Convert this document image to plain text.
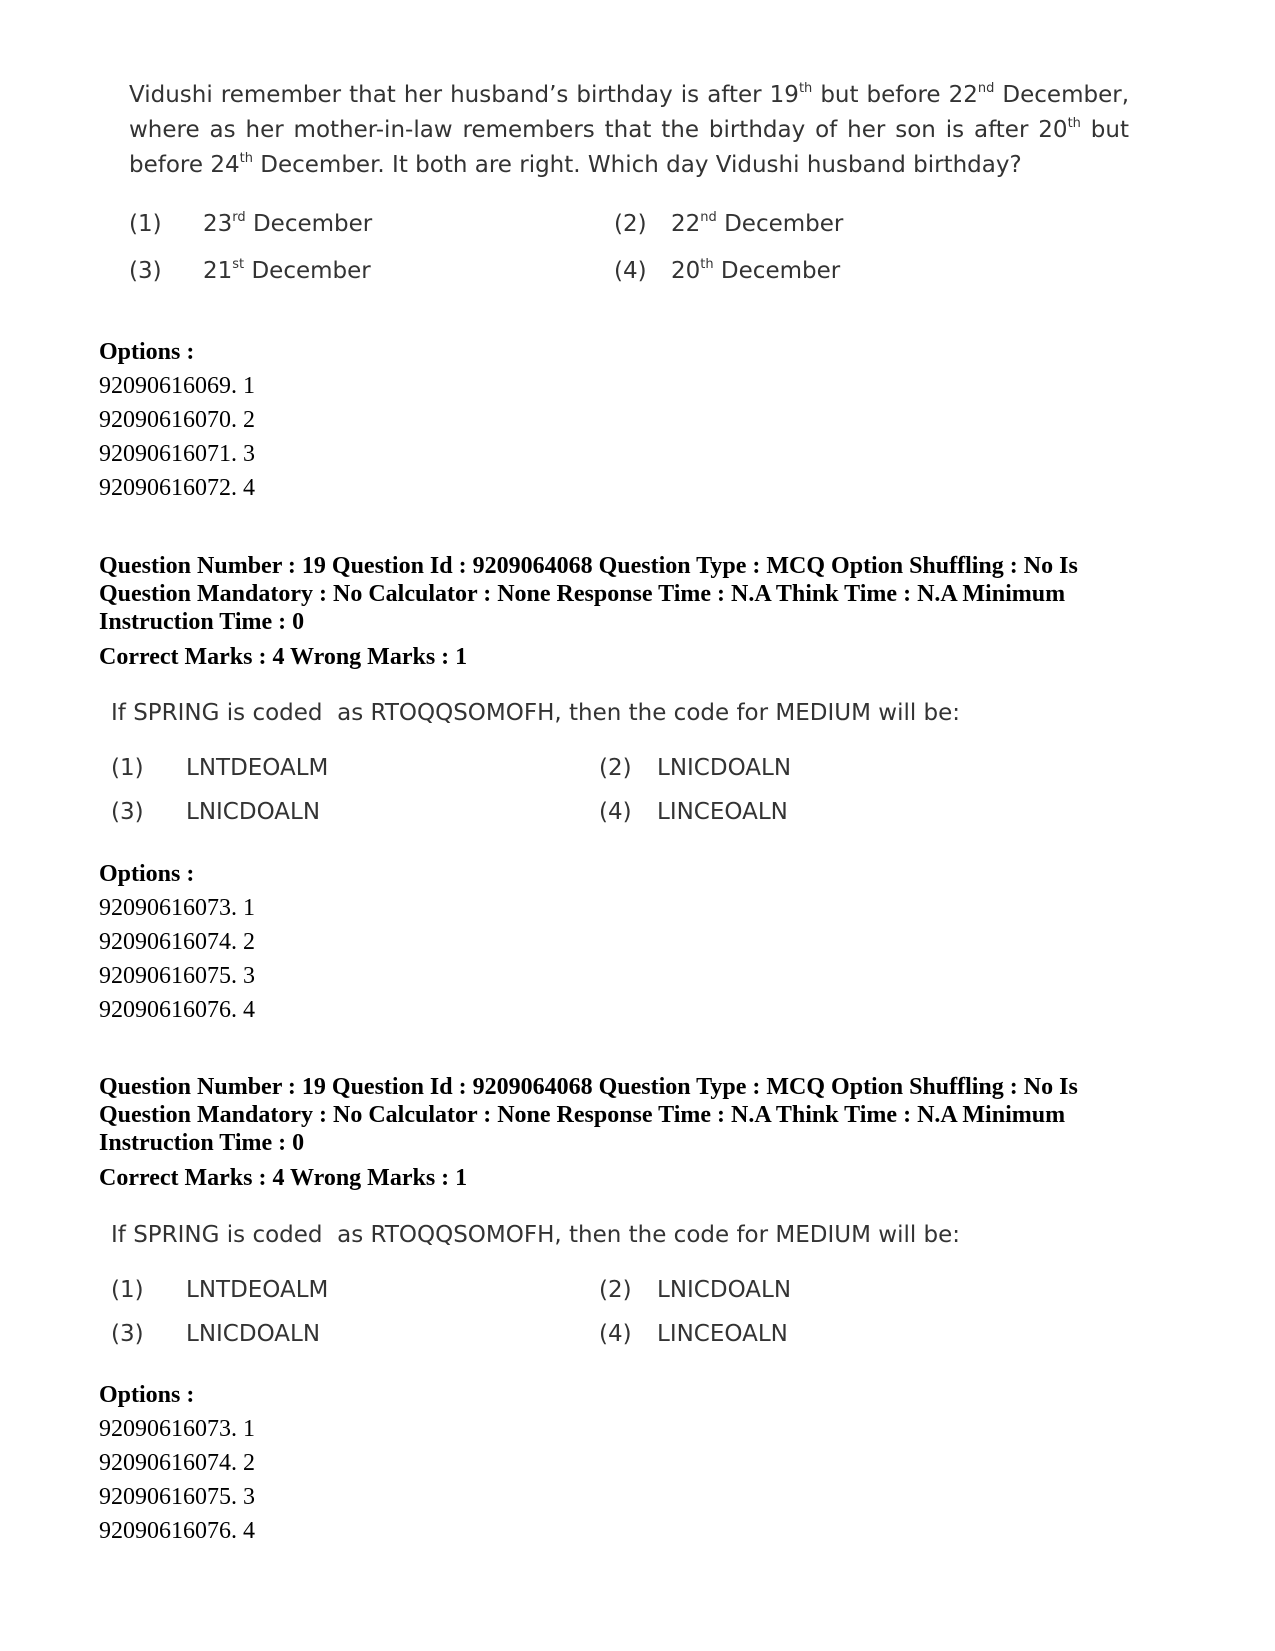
Vidushi remember that her husband’s birthday is after 19th but before 22nd December,
where as her mother-in-law remembers that the birthday of her son is after 20th but
before 24th December. It both are right. Which day Vidushi husband birthday?
(1) 23rd December	(2) 22nd December
(3) 21st December	(4) 20th December
Options :
92090616069. 1
92090616070. 2
92090616071. 3
92090616072. 4
Question Number : 19 Question Id : 9209064068 Question Type : MCQ Option Shuffling : No Is
Question Mandatory : No Calculator : None Response Time : N.A Think Time : N.A Minimum
Instruction Time : 0
Correct Marks : 4 Wrong Marks : 1
If SPRING is coded  as RTOQQSOMOFH, then the code for MEDIUM will be:
(1) LNTDEOALM	(2) LNICDOALN
(3) LNICDOALN	(4) LINCEOALN
Options :
92090616073. 1
92090616074. 2
92090616075. 3
92090616076. 4
Question Number : 19 Question Id : 9209064068 Question Type : MCQ Option Shuffling : No Is
Question Mandatory : No Calculator : None Response Time : N.A Think Time : N.A Minimum
Instruction Time : 0
Correct Marks : 4 Wrong Marks : 1
If SPRING is coded  as RTOQQSOMOFH, then the code for MEDIUM will be:
(1) LNTDEOALM	(2) LNICDOALN
(3) LNICDOALN	(4) LINCEOALN
Options :
92090616073. 1
92090616074. 2
92090616075. 3
92090616076. 4
